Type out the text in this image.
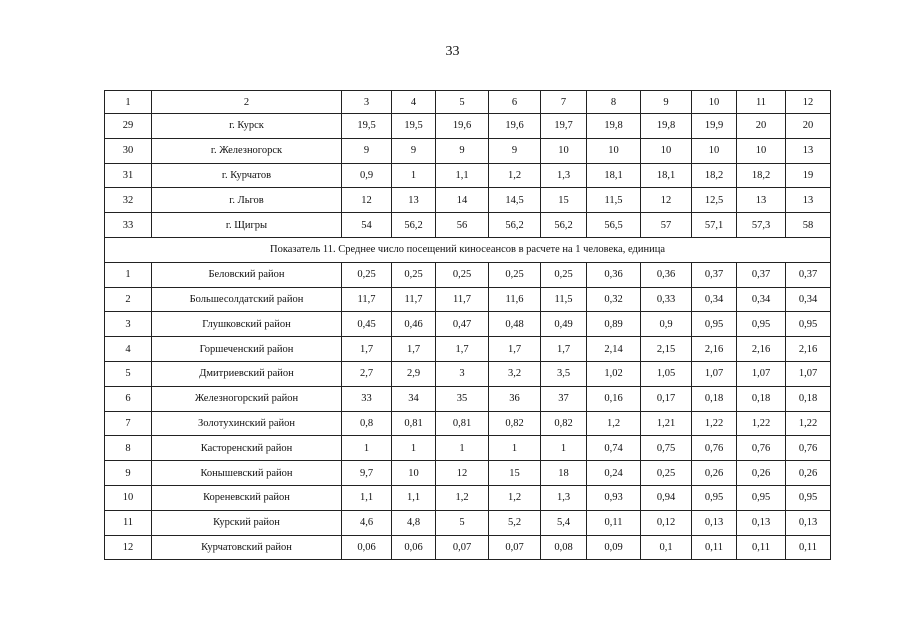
33
1	2	3	4	5	6	7	8	9	10	11	12
29	г. Курск	19,5	19,5	19,6	19,6	19,7	19,8	19,8	19,9	20	20
30	г. Железногорск	9	9	9	9	10	10	10	10	10	13
31	г. Курчатов	0,9	1	1,1	1,2	1,3	18,1	18,1	18,2	18,2	19
32	г. Льгов	12	13	14	14,5	15	11,5	12	12,5	13	13
33	г. Щигры	54	56,2	56	56,2	56,2	56,5	57	57,1	57,3	58
Показатель 11. Среднее число посещений киносеансов в расчете на 1 человека, единица											
1	Беловский район	0,25	0,25	0,25	0,25	0,25	0,36	0,36	0,37	0,37	0,37
2	Большесолдатский район	11,7	11,7	11,7	11,6	11,5	0,32	0,33	0,34	0,34	0,34
3	Глушковский район	0,45	0,46	0,47	0,48	0,49	0,89	0,9	0,95	0,95	0,95
4	Горшеченский район	1,7	1,7	1,7	1,7	1,7	2,14	2,15	2,16	2,16	2,16
5	Дмитриевский район	2,7	2,9	3	3,2	3,5	1,02	1,05	1,07	1,07	1,07
6	Железногорский район	33	34	35	36	37	0,16	0,17	0,18	0,18	0,18
7	Золотухинский район	0,8	0,81	0,81	0,82	0,82	1,2	1,21	1,22	1,22	1,22
8	Касторенский район	1	1	1	1	1	0,74	0,75	0,76	0,76	0,76
9	Конышевский район	9,7	10	12	15	18	0,24	0,25	0,26	0,26	0,26
10	Кореневский район	1,1	1,1	1,2	1,2	1,3	0,93	0,94	0,95	0,95	0,95
11	Курский район	4,6	4,8	5	5,2	5,4	0,11	0,12	0,13	0,13	0,13
12	Курчатовский район	0,06	0,06	0,07	0,07	0,08	0,09	0,1	0,11	0,11	0,11
